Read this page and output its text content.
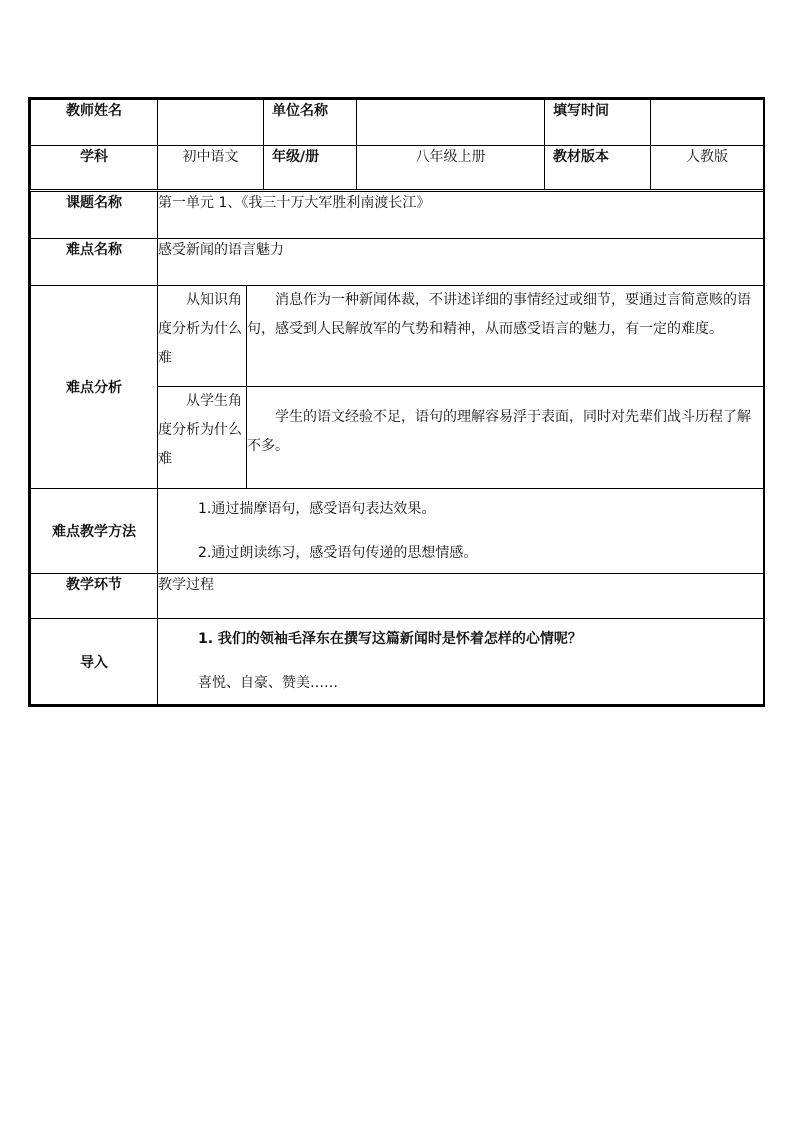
教师姓名			单位名称		填写时间	
学科	初中语文		年级/册	八年级上册	教材版本	人教版
课题名称	第一单元 1、《我三十万大军胜利南渡长江》					
难点名称	感受新闻的语言魅力					
难点分析	从知识角度分析为什么难	消息作为一种新闻体裁，不讲述详细的事情经过或细节，要通过言简意赅的语句，感受到人民解放军的气势和精神，从而感受语言的魅力，有一定的难度。				
	从学生角度分析为什么难	学生的语文经验不足，语句的理解容易浮于表面，同时对先辈们战斗历程了解不多。				
难点教学方法	1.通过揣摩语句，感受语句表达效果。

2.通过朗读练习，感受语句传递的思想情感。					

教学环节	教学过程					
导入	1. 我们的领袖毛泽东在撰写这篇新闻时是怀着怎样的心情呢？

喜悦、自豪、赞美……					
